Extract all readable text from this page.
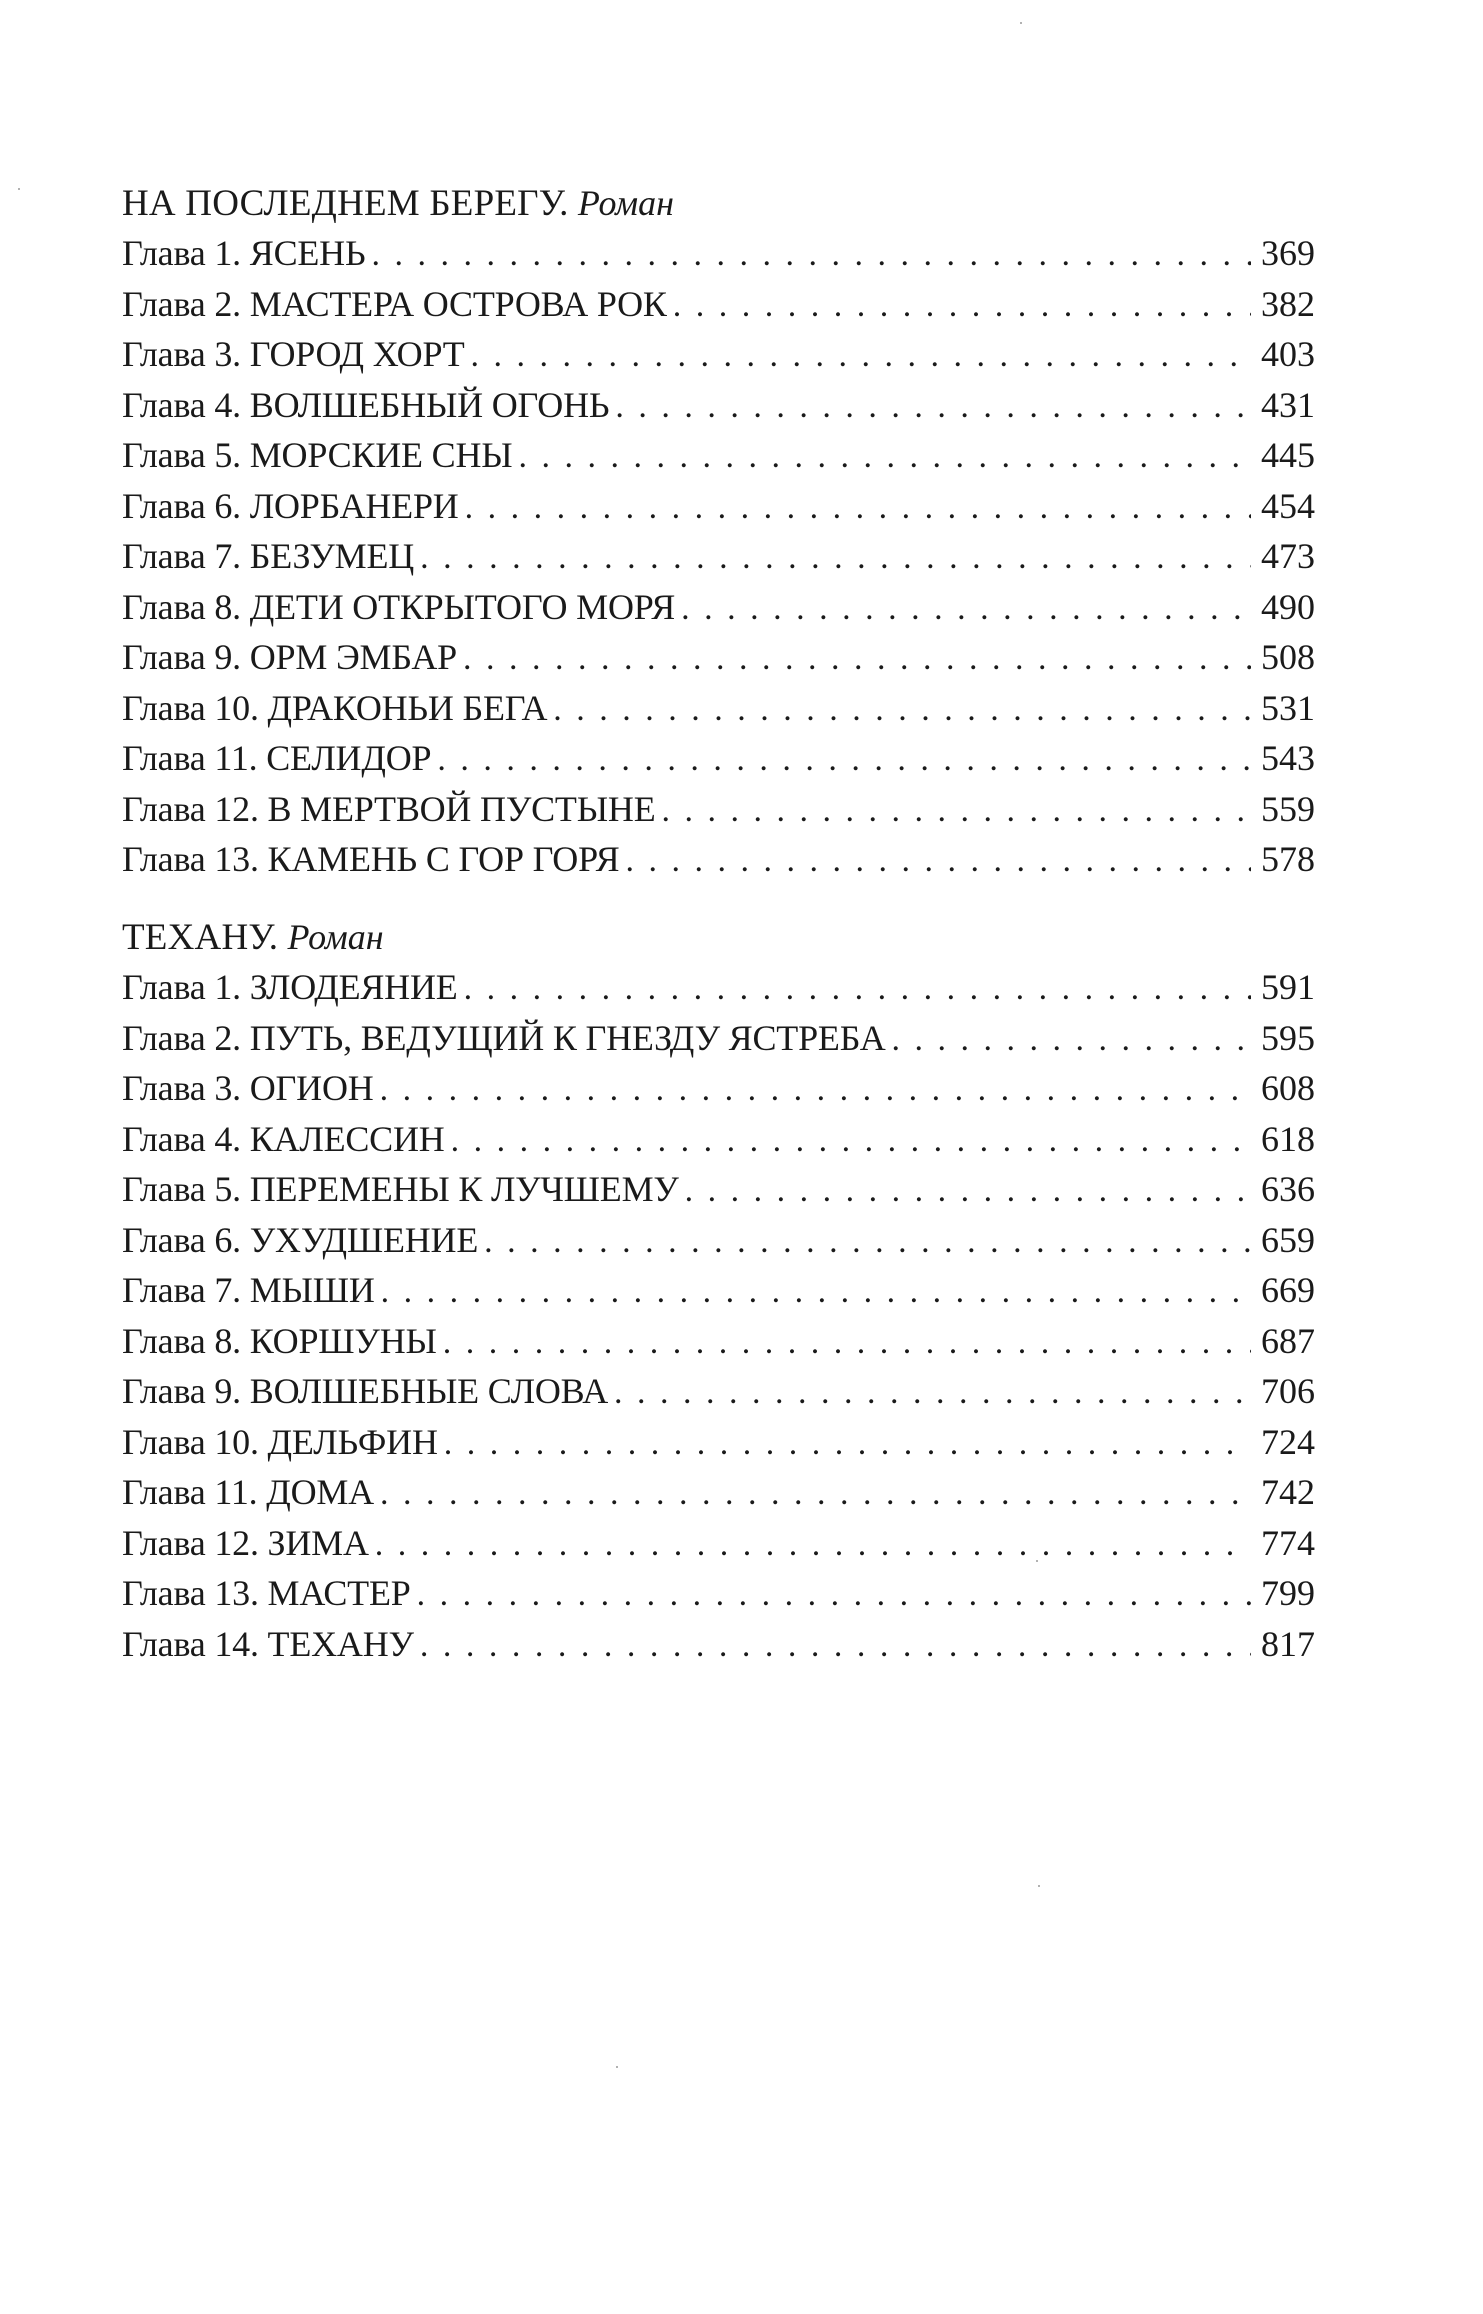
НА ПОСЛЕДНЕМ БЕРЕГУ. Роман
Глава 1. ЯСЕНЬ . . .	369
Глава 2. МАСТЕРА ОСТРОВА РОК . . .	382
Глава 3. ГОРОД ХОРТ . . .	403
Глава 4. ВОЛШЕБНЫЙ ОГОНЬ . . .	431
Глава 5. МОРСКИЕ СНЫ . . .	445
Глава 6. ЛОРБАНЕРИ . . .	454
Глава 7. БЕЗУМЕЦ . . .	473
Глава 8. ДЕТИ ОТКРЫТОГО МОРЯ . . .	490
Глава 9. ОРМ ЭМБАР . . .	508
Глава 10. ДРАКОНЬИ БЕГА . . .	531
Глава 11. СЕЛИДОР . . .	543
Глава 12. В МЕРТВОЙ ПУСТЫНЕ . . .	559
Глава 13. КАМЕНЬ С ГОР ГОРЯ . . .	578
ТЕХАНУ. Роман
Глава 1. ЗЛОДЕЯНИЕ . . .	591
Глава 2. ПУТЬ, ВЕДУЩИЙ К ГНЕЗДУ ЯСТРЕБА . . .	595
Глава 3. ОГИОН . . .	608
Глава 4. КАЛЕССИН . . .	618
Глава 5. ПЕРЕМЕНЫ К ЛУЧШЕМУ . . .	636
Глава 6. УХУДШЕНИЕ . . .	659
Глава 7. МЫШИ . . .	669
Глава 8. КОРШУНЫ . . .	687
Глава 9. ВОЛШЕБНЫЕ СЛОВА . . .	706
Глава 10. ДЕЛЬФИН . . .	724
Глава 11. ДОМА . . .	742
Глава 12. ЗИМА . . .	774
Глава 13. МАСТЕР . . .	799
Глава 14. ТЕХАНУ . . .	817
